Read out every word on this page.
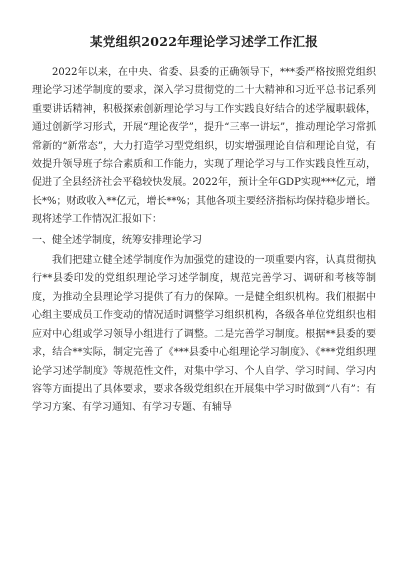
某党组织2022年理论学习述学工作汇报

2022年以来，在中央、省委、县委的正确领导下，***委严格按照党组织理论学习述学制度的要求，深入学习贯彻党的二十大精神和习近平总书记系列重要讲话精神，积极探索创新理论学习与工作实践良好结合的述学履职载体，通过创新学习形式，开展“理论夜学”，提升“三率一讲坛”，推动理论学习常抓常新的“新常态”，大力打造学习型党组织，切实增强理论自信和理论自觉，有效提升领导班子综合素质和工作能力，实现了理论学习与工作实践良性互动，促进了全县经济社会平稳较快发展。2022年，预计全年GDP实现***亿元，增长*%；财政收入**亿元，增长**%；其他各项主要经济指标均保持稳步增长。现将述学工作情况汇报如下：

一、健全述学制度，统筹安排理论学习

我们把建立健全述学制度作为加强党的建设的一项重要内容，认真贯彻执行**县委印发的党组织理论学习述学制度，规范完善学习、调研和考核等制度，为推动全县理论学习提供了有力的保障。一是健全组织机构。我们根据中心组主要成员工作变动的情况适时调整学习组织机构，各级各单位党组织也相应对中心组或学习领导小组进行了调整。二是完善学习制度。根据**县委的要求，结合**实际，制定完善了《***县委中心组理论学习制度》、《***党组织理论学习述学制度》等规范性文件，对集中学习、个人自学、学习时间、学习内容等方面提出了具体要求，要求各级党组织在开展集中学习时做到“八有”：有学习方案、有学习通知、有学习专题、有辅导
